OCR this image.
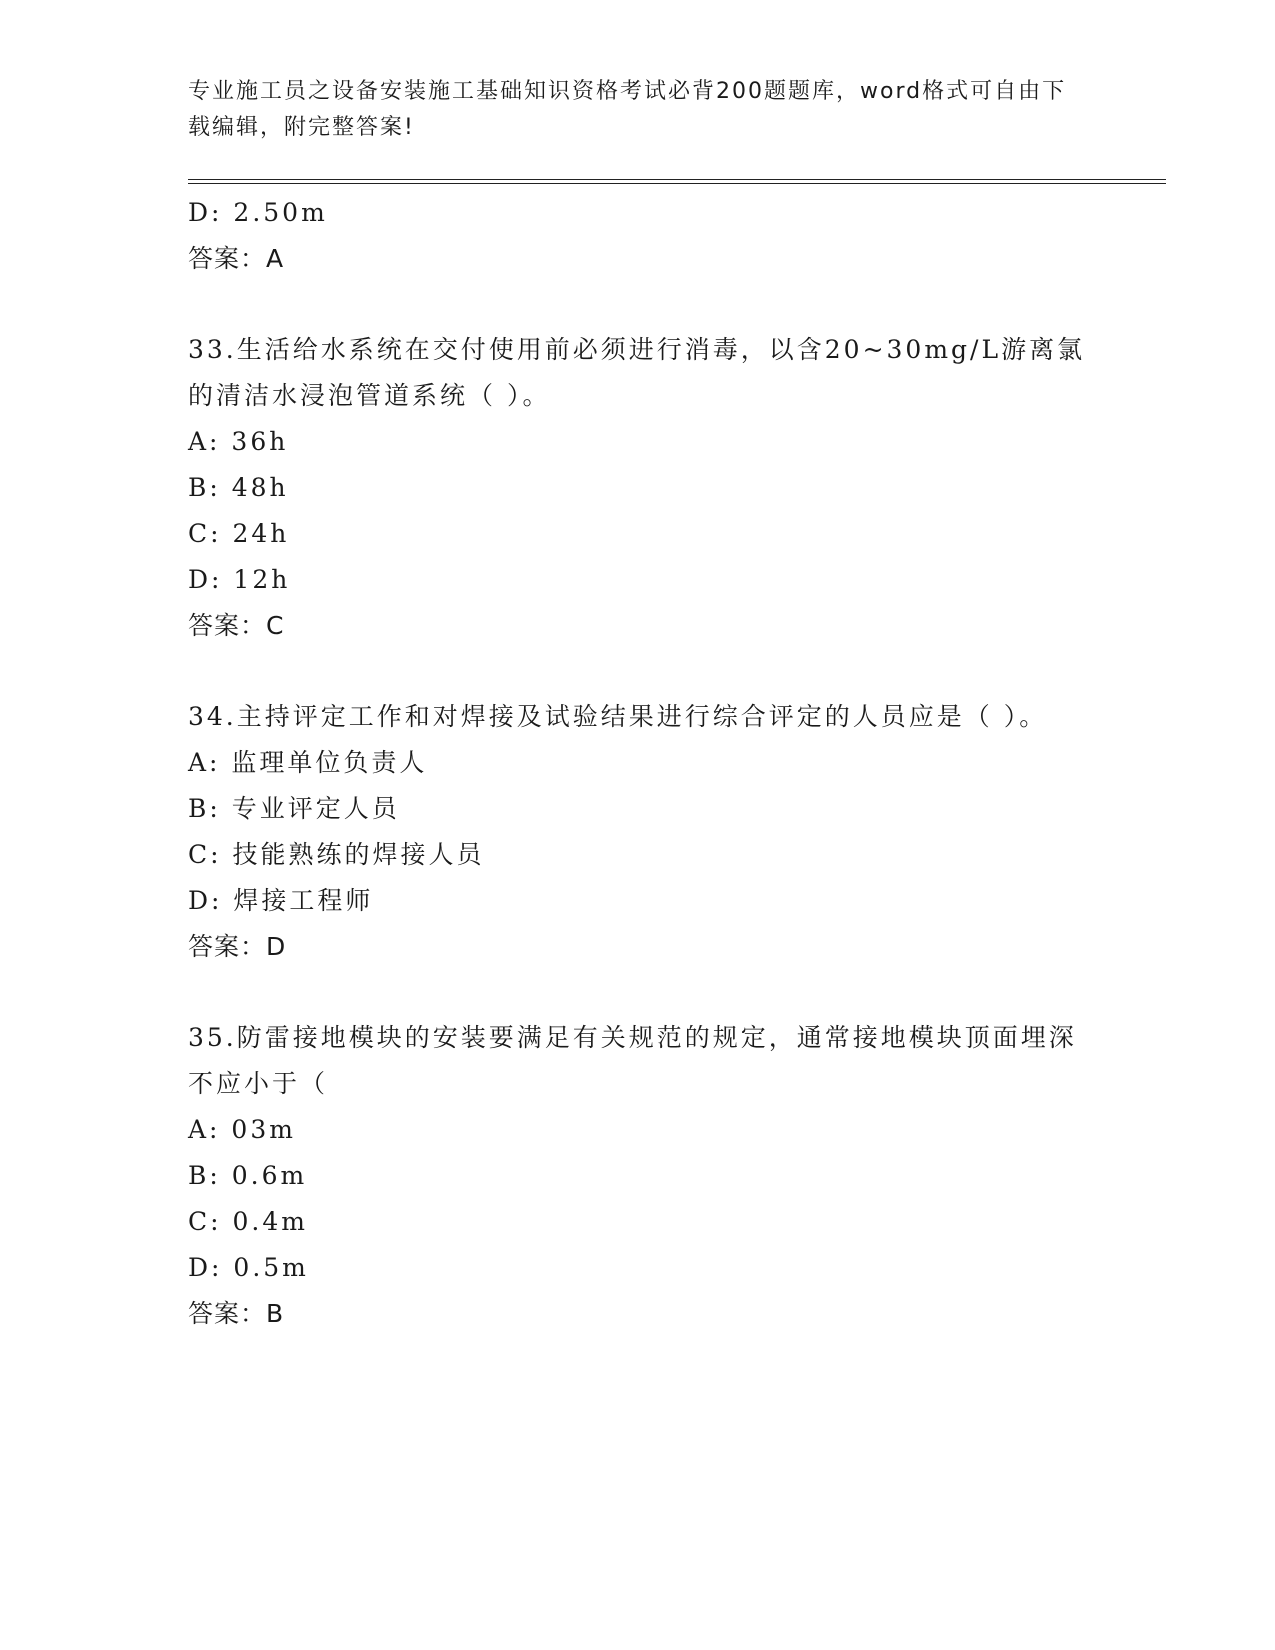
专业施工员之设备安装施工基础知识资格考试必背200题题库，word格式可自由下载编辑，附完整答案!
D: 2.50m
答案：A
33.生活给水系统在交付使用前必须进行消毒，以含20~30mg/L游离氯的清洁水浸泡管道系统（ ）。
A: 36h
B: 48h
C: 24h
D: 12h
答案：C
34.主持评定工作和对焊接及试验结果进行综合评定的人员应是（ ）。
A: 监理单位负责人
B: 专业评定人员
C: 技能熟练的焊接人员
D: 焊接工程师
答案：D
35.防雷接地模块的安装要满足有关规范的规定，通常接地模块顶面埋深不应小于（
A: 03m
B: 0.6m
C: 0.4m
D: 0.5m
答案：B
